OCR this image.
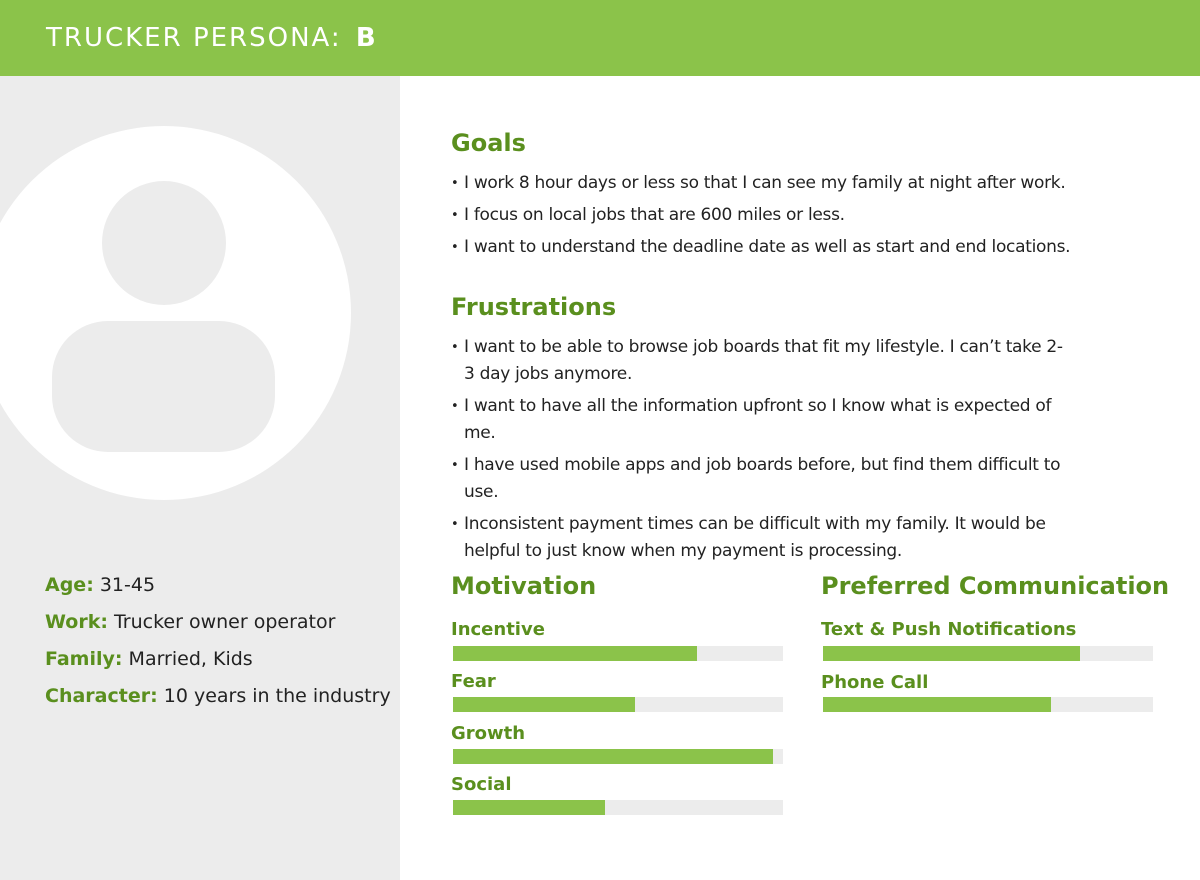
TRUCKER PERSONA: B
Age: 31-45
Work: Trucker owner operator
Family: Married, Kids
Character: 10 years in the industry
Goals
• I work 8 hour days or less so that I can see my family at night after work.
• I focus on local jobs that are 600 miles or less.
• I want to understand the deadline date as well as start and end locations.
Frustrations
• I want to be able to browse job boards that fit my lifestyle. I can’t take 2-3 day jobs anymore.
• I want to have all the information upfront so I know what is expected of me.
• I have used mobile apps and job boards before, but find them difficult to use.
• Inconsistent payment times can be difficult with my family. It would be helpful to just know when my payment is processing.
Motivation
Incentive
Fear
Growth
Social
Preferred Communication
Text & Push Notifications
Phone Call
